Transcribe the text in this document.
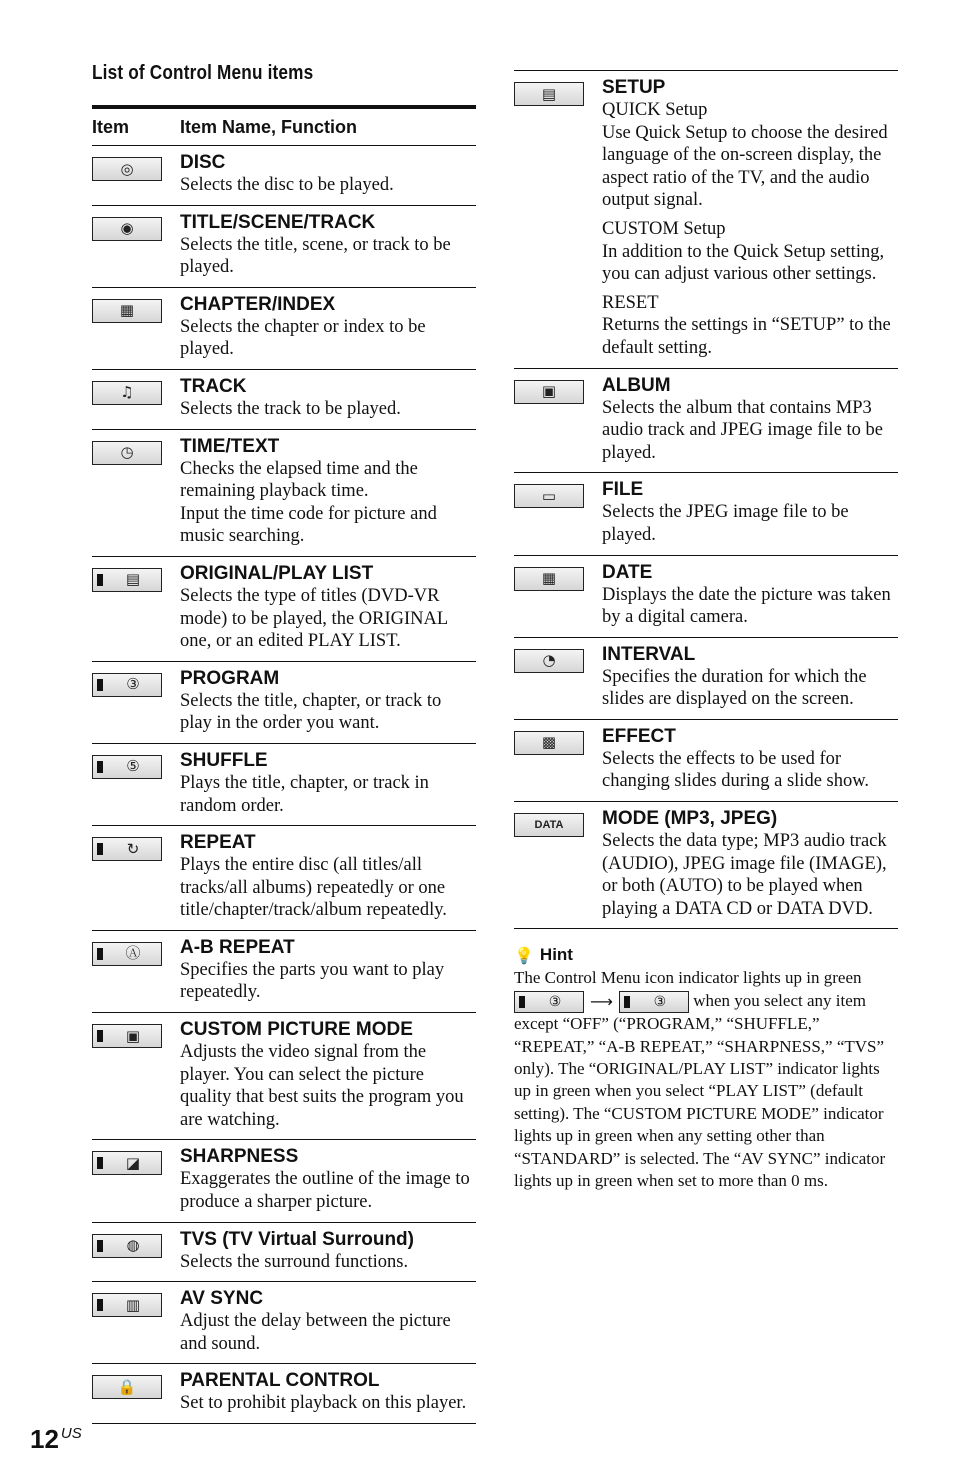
List of Control Menu items
Item	Item Name, Function
◎ DISC
Selects the disc to be played.
◉ TITLE/SCENE/TRACK
Selects the title, scene, or track to be played.
▦ CHAPTER/INDEX
Selects the chapter or index to be played.
♫ TRACK
Selects the track to be played.
◷ TIME/TEXT
Checks the elapsed time and the remaining playback time.
Input the time code for picture and music searching.
▤ ORIGINAL/PLAY LIST
Selects the type of titles (DVD-VR mode) to be played, the ORIGINAL one, or an edited PLAY LIST.
③ PROGRAM
Selects the title, chapter, or track to play in the order you want.
⑤ SHUFFLE
Plays the title, chapter, or track in random order.
↻ REPEAT
Plays the entire disc (all titles/all tracks/all albums) repeatedly or one title/chapter/track/album repeatedly.
Ⓐ A-B REPEAT
Specifies the parts you want to play repeatedly.
▣ CUSTOM PICTURE MODE
Adjusts the video signal from the player. You can select the picture quality that best suits the program you are watching.
◪ SHARPNESS
Exaggerates the outline of the image to produce a sharper picture.
◍ TVS (TV Virtual Surround)
Selects the surround functions.
▥ AV SYNC
Adjust the delay between the picture and sound.
🔒 PARENTAL CONTROL
Set to prohibit playback on this player.
▤ SETUP
QUICK Setup
Use Quick Setup to choose the desired language of the on-screen display, the aspect ratio of the TV, and the audio output signal.
CUSTOM Setup
In addition to the Quick Setup setting, you can adjust various other settings.
RESET
Returns the settings in “SETUP” to the default setting.
▣ ALBUM
Selects the album that contains MP3 audio track and JPEG image file to be played.
▭ FILE
Selects the JPEG image file to be played.
▦ DATE
Displays the date the picture was taken by a digital camera.
◔ INTERVAL
Specifies the duration for which the slides are displayed on the screen.
▩ EFFECT
Selects the effects to be used for changing slides during a slide show.
DATA MODE (MP3, JPEG)
Selects the data type; MP3 audio track (AUDIO), JPEG image file (IMAGE), or both (AUTO) to be played when playing a DATA CD or DATA DVD.
💡 Hint
The Control Menu icon indicator lights up in green
③ ⟶	③ when you select any item except “OFF” (“PROGRAM,” “SHUFFLE,” “REPEAT,” “A-B REPEAT,” “SHARPNESS,” “TVS” only). The “ORIGINAL/PLAY LIST” indicator lights up in green when you select “PLAY LIST” (default setting). The “CUSTOM PICTURE MODE” indicator lights up in green when any setting other than “STANDARD” is selected. The “AV SYNC” indicator lights up in green when set to more than 0 ms.
12 $^{US}$
